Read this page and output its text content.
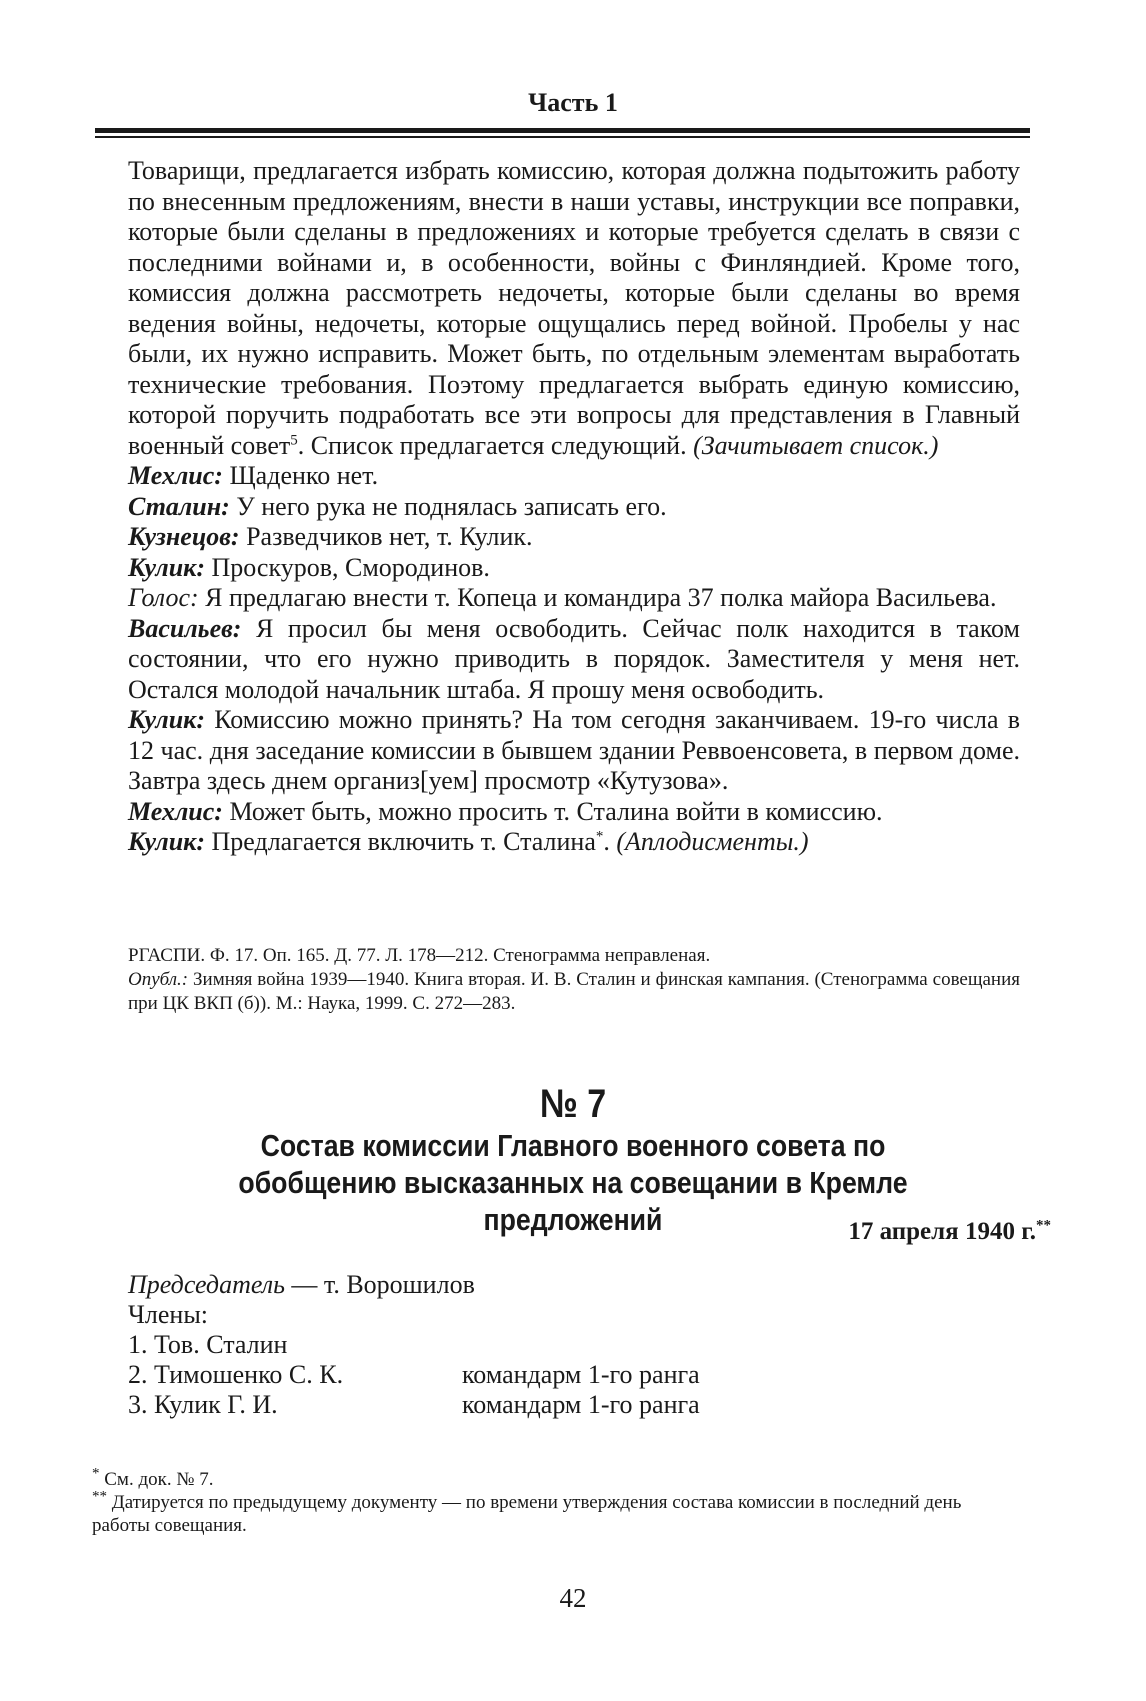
Часть 1

Товарищи, предлагается избрать комиссию, которая должна подытожить работу по внесенным предложениям, внести в наши уставы, инструкции все поправки, которые были сделаны в предложениях и которые требуется сделать в связи с последними войнами и, в особенности, войны с Финляндией. Кроме того, комиссия должна рассмотреть недочеты, которые были сделаны во время ведения войны, недочеты, которые ощущались перед войной. Пробелы у нас были, их нужно исправить. Может быть, по отдельным элементам выработать технические требования. Поэтому предлагается выбрать единую комиссию, которой поручить подработать все эти вопросы для представления в Главный военный совет$^5$. Список предлагается следующий. (Зачитывает список.)

Мехлис: Щаденко нет.

Сталин: У него рука не поднялась записать его.

Кузнецов: Разведчиков нет, т. Кулик.

Кулик: Проскуров, Смородинов.

Голос: Я предлагаю внести т. Копеца и командира 37 полка майора Васильева.

Васильев: Я просил бы меня освободить. Сейчас полк находится в таком состоянии, что его нужно приводить в порядок. Заместителя у меня нет. Остался молодой начальник штаба. Я прошу меня освободить.

Кулик: Комиссию можно принять? На том сегодня заканчиваем. 19-го числа в 12 час. дня заседание комиссии в бывшем здании Реввоенсовета, в первом доме. Завтра здесь днем организ[уем] просмотр «Кутузова».

Мехлис: Может быть, можно просить т. Сталина войти в комиссию.

Кулик: Предлагается включить т. Сталина*. (Аплодисменты.)

РГАСПИ. Ф. 17. Оп. 165. Д. 77. Л. 178—212. Стенограмма неправленая.

Опубл.: Зимняя война 1939—1940. Книга вторая. И. В. Сталин и финская кампания. (Стенограмма совещания при ЦК ВКП (б)). М.: Наука, 1999. С. 272—283.

№ 7
Состав комиссии Главного военного совета по обобщению высказанных на совещании в Кремле предложений	17 апреля 1940 г.**
Председатель — т. Ворошилов
Члены:
1. Тов. Сталин
2. Тимошенко С. К.	командарм 1-го ранга
3. Кулик Г. И.	командарм 1-го ранга

* См. док. № 7.

** Датируется по предыдущему документу — по времени утверждения состава комиссии в последний день работы совещания.

42
